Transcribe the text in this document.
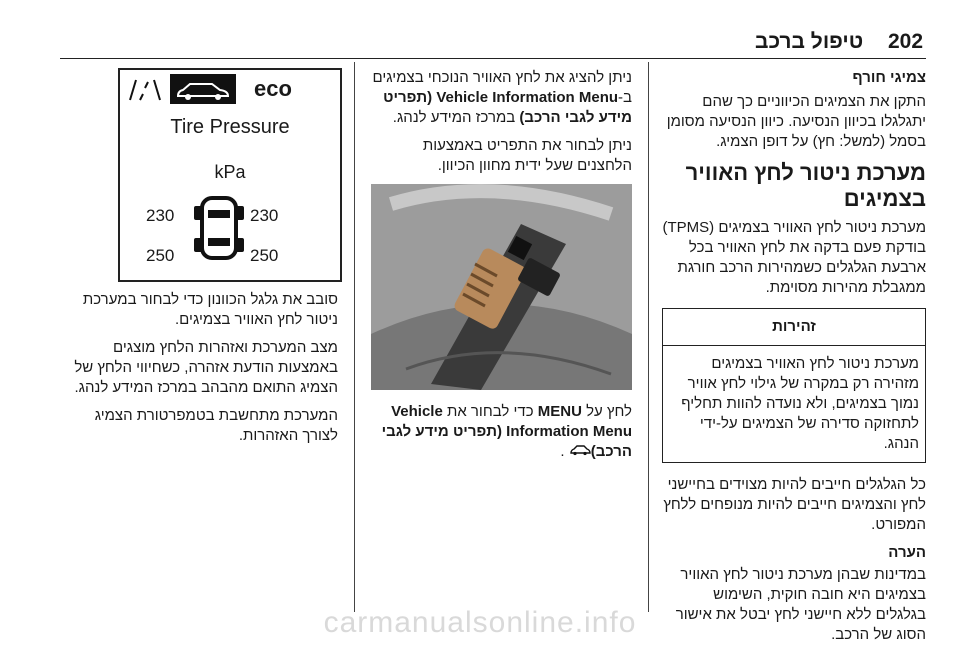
202
טיפול ברכב
צמיגי חורף

התקן את הצמיגים הכיווניים כך שהם יתגלגלו בכיוון הנסיעה. כיוון הנסיעה מסומן בסמל (למשל: חץ) על דופן הצמיג.

מערכת ניטור לחץ האוויר בצמיגים

מערכת ניטור לחץ האוויר בצמיגים (TPMS) בודקת פעם בדקה את לחץ האוויר בכל ארבעת הגלגלים כשמהירות הרכב חורגת ממגבלת מהירות מסוימת.

זהירות
מערכת ניטור לחץ האוויר בצמיגים מזהירה רק במקרה של גילוי לחץ אוויר נמוך בצמיגים, ולא נועדה להוות תחליף לתחזוקה סדירה של הצמיגים על-ידי הנהג.

כל הגלגלים חייבים להיות מצוידים בחיישני לחץ והצמיגים חייבים להיות מנופחים ללחץ המפורט.

הערה

במדינות שבהן מערכת ניטור לחץ האוויר בצמיגים היא חובה חוקית, השימוש בגלגלים ללא חיישני לחץ יבטל את אישור הסוג של הרכב.

ניתן להציג את לחץ האוויר הנוכחי בצמיגים ב-Vehicle Information Menu (תפריט מידע לגבי הרכב) במרכז המידע לנהג.

ניתן לבחור את התפריט באמצעות הלחצנים שעל ידית מחוון הכיוון.

לחץ על MENU כדי לבחור את Vehicle Information Menu (תפריט מידע לגבי הרכב) .

eco
Tire Pressure
kPa
230	230
250	250

סובב את גלגל הכוונון כדי לבחור במערכת ניטור לחץ האוויר בצמיגים.

מצב המערכת ואזהרות הלחץ מוצגים באמצעות הודעת אזהרה, כשחיווי הלחץ של הצמיג התואם מהבהב במרכז המידע לנהג.

המערכת מתחשבת בטמפרטורת הצמיג לצורך האזהרות.

carmanualsonline.info
